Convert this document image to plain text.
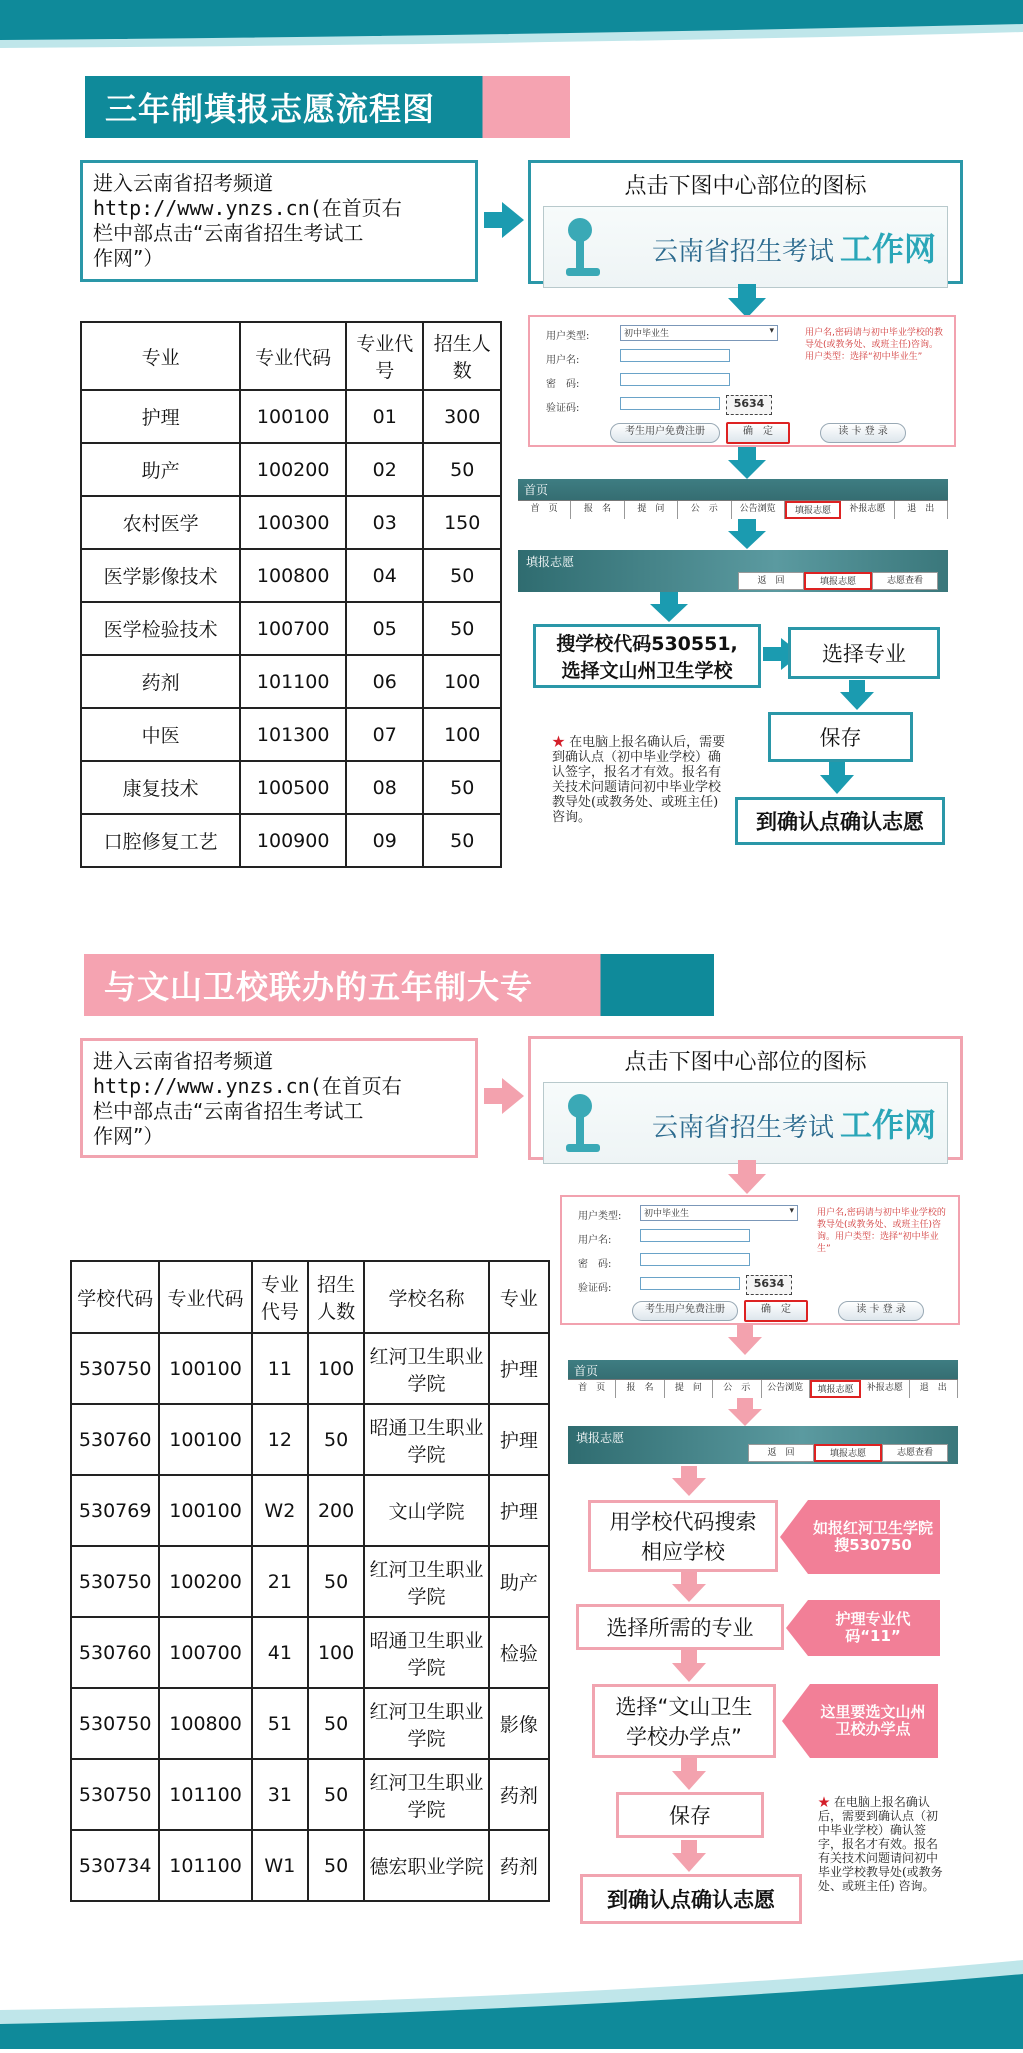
三年制填报志愿流程图
进入云南省招考频道
http://www.ynzs.cn(在首页右
栏中部点击“云南省招生考试工
作网”）
点击下图中心部位的图标
云南省招生考试 工作网
专业	专业代码	专业代号	招生人数
护理	100100	01	300
助产	100200	02	50
农村医学	100300	03	150
医学影像技术	100800	04	50
医学检验技术	100700	05	50
药剂	101100	06	100
中医	101300	07	100
康复技术	100500	08	50
口腔修复工艺	100900	09	50
用户类型:	初中毕业生	▾
用户名:
密　码:
验证码:	5634
用户名,密码请与初中毕业学校的教导处(或教务处、或班主任)咨询。用户类型：选择“初中毕业生”
考生用户免费注册	确　定	读 卡 登 录
首页
首　页	报　名	提　问	公　示	公告浏览	填报志愿	补报志愿	退　出
填报志愿
返　回	填报志愿	志愿查看
搜学校代码530551,
选择文山州卫生学校
选择专业
保存
到确认点确认志愿
★ 在电脑上报名确认后，需要到确认点（初中毕业学校）确认签字，报名才有效。报名有关技术问题请问初中毕业学校教导处(或教务处、或班主任) 咨询。
与文山卫校联办的五年制大专
进入云南省招考频道
http://www.ynzs.cn(在首页右
栏中部点击“云南省招生考试工
作网”）
点击下图中心部位的图标
云南省招生考试 工作网
用户类型:	初中毕业生	▾
用户名:
密　码:
验证码:	5634
用户名,密码请与初中毕业学校的教导处(或教务处、或班主任)咨询。用户类型：选择“初中毕业生”
考生用户免费注册	确　定	读 卡 登 录
学校代码	专业代码	专业代号	招生人数	学校名称	专业
530750	100100	11	100	红河卫生职业学院	护理
530760	100100	12	50	昭通卫生职业学院	护理
530769	100100	W2	200	文山学院	护理
530750	100200	21	50	红河卫生职业学院	助产
530760	100700	41	100	昭通卫生职业学院	检验
530750	100800	51	50	红河卫生职业学院	影像
530750	101100	31	50	红河卫生职业学院	药剂
530734	101100	W1	50	德宏职业学院	药剂
首页
首　页	报　名	提　问	公　示	公告浏览	填报志愿	补报志愿	退　出
填报志愿
返　回	填报志愿	志愿查看
用学校代码搜索相应学校
如报红河卫生学院搜530750
选择所需的专业	护理专业代码“11”
选择“文山卫生学校办学点”
这里要选文山州卫校办学点
保存
到确认点确认志愿
★ 在电脑上报名确认后，需要到确认点（初中毕业学校）确认签字，报名才有效。报名有关技术问题请问初中毕业学校教导处(或教务处、或班主任) 咨询。
